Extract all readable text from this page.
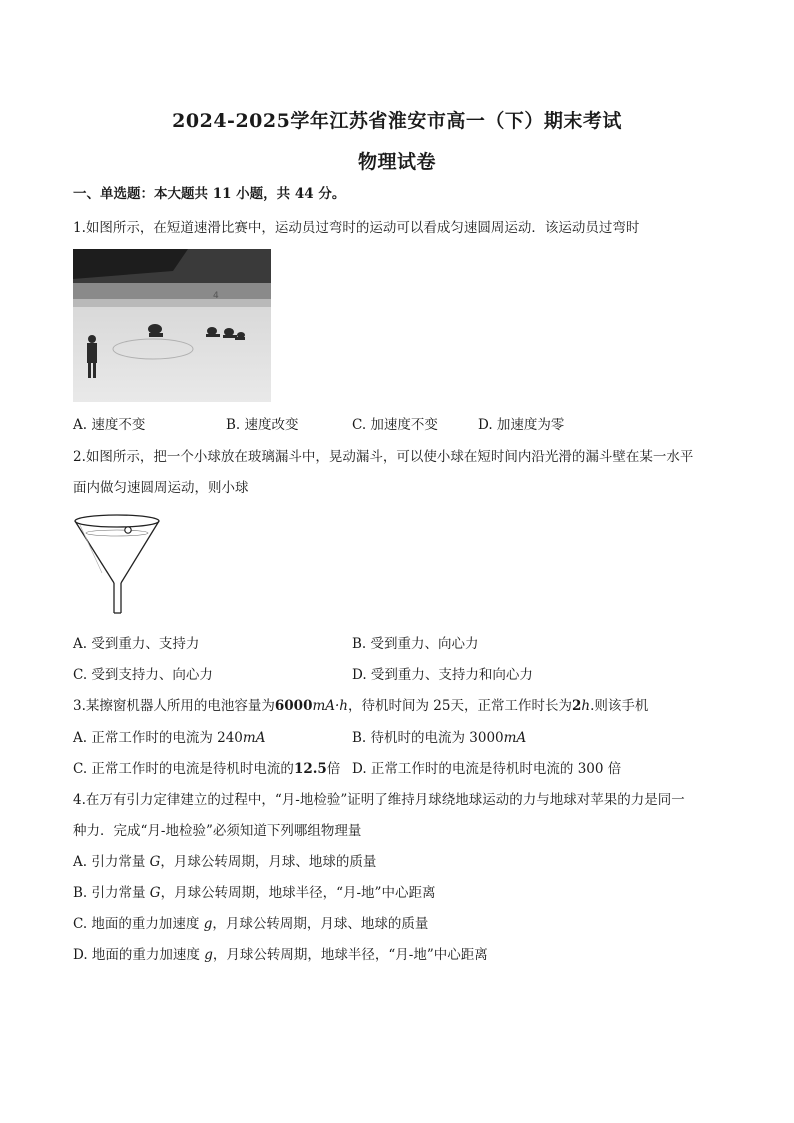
2024-2025学年江苏省淮安市高一（下）期末考试
物理试卷
一、单选题：本大题共 11 小题，共 44 分。
1.如图所示，在短道速滑比赛中，运动员过弯时的运动可以看成匀速圆周运动．该运动员过弯时
4
A. 速度不变	B. 速度改变	C. 加速度不变	D. 加速度为零
2.如图所示，把一个小球放在玻璃漏斗中，晃动漏斗，可以使小球在短时间内沿光滑的漏斗壁在某一水平
面内做匀速圆周运动，则小球
A. 受到重力、支持力	B. 受到重力、向心力
C. 受到支持力、向心力	D. 受到重力、支持力和向心力
3.某擦窗机器人所用的电池容量为6000mA·h，待机时间为 25天，正常工作时长为2h.则该手机
A. 正常工作时的电流为 240mA	B. 待机时的电流为 3000mA
C. 正常工作时的电流是待机时电流的12.5倍 D. 正常工作时的电流是待机时电流的 300 倍
4.在万有引力定律建立的过程中，“月-地检验”证明了维持月球绕地球运动的力与地球对苹果的力是同一
种力．完成“月-地检验”必须知道下列哪组物理量
A. 引力常量 G，月球公转周期，月球、地球的质量
B. 引力常量 G，月球公转周期，地球半径，“月-地”中心距离
C. 地面的重力加速度 g，月球公转周期，月球、地球的质量
D. 地面的重力加速度 g，月球公转周期，地球半径，“月-地”中心距离
